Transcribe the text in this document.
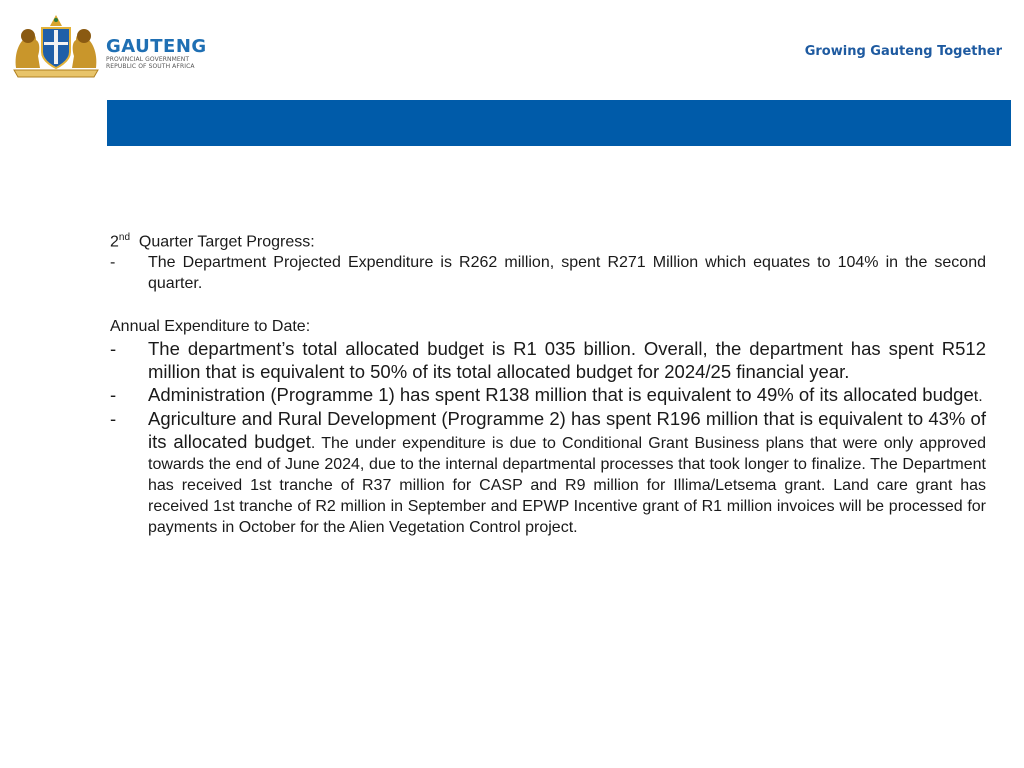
GAUTENG
PROVINCIAL GOVERNMENT
REPUBLIC OF SOUTH AFRICA
Growing Gauteng Together
2nd Quarter Target Progress:
- The Department Projected Expenditure is R262 million, spent R271 Million which equates to 104% in the second quarter.
Annual Expenditure to Date:
- The department’s total allocated budget is R1 035 billion. Overall, the department has spent R512 million that is equivalent to 50% of its total allocated budget for 2024/25 financial year.
- Administration (Programme 1) has spent R138 million that is equivalent to 49% of its allocated budget.
- Agriculture and Rural Development (Programme 2) has spent R196 million that is equivalent to 43% of its allocated budget. The under expenditure is due to Conditional Grant Business plans that were only approved towards the end of June 2024, due to the internal departmental processes that took longer to finalize. The Department has received 1st tranche of R37 million for CASP and R9 million for Illima/Letsema grant. Land care grant has received 1st tranche of R2 million in September and EPWP Incentive grant of R1 million invoices will be processed for payments in October for the Alien Vegetation Control project.
